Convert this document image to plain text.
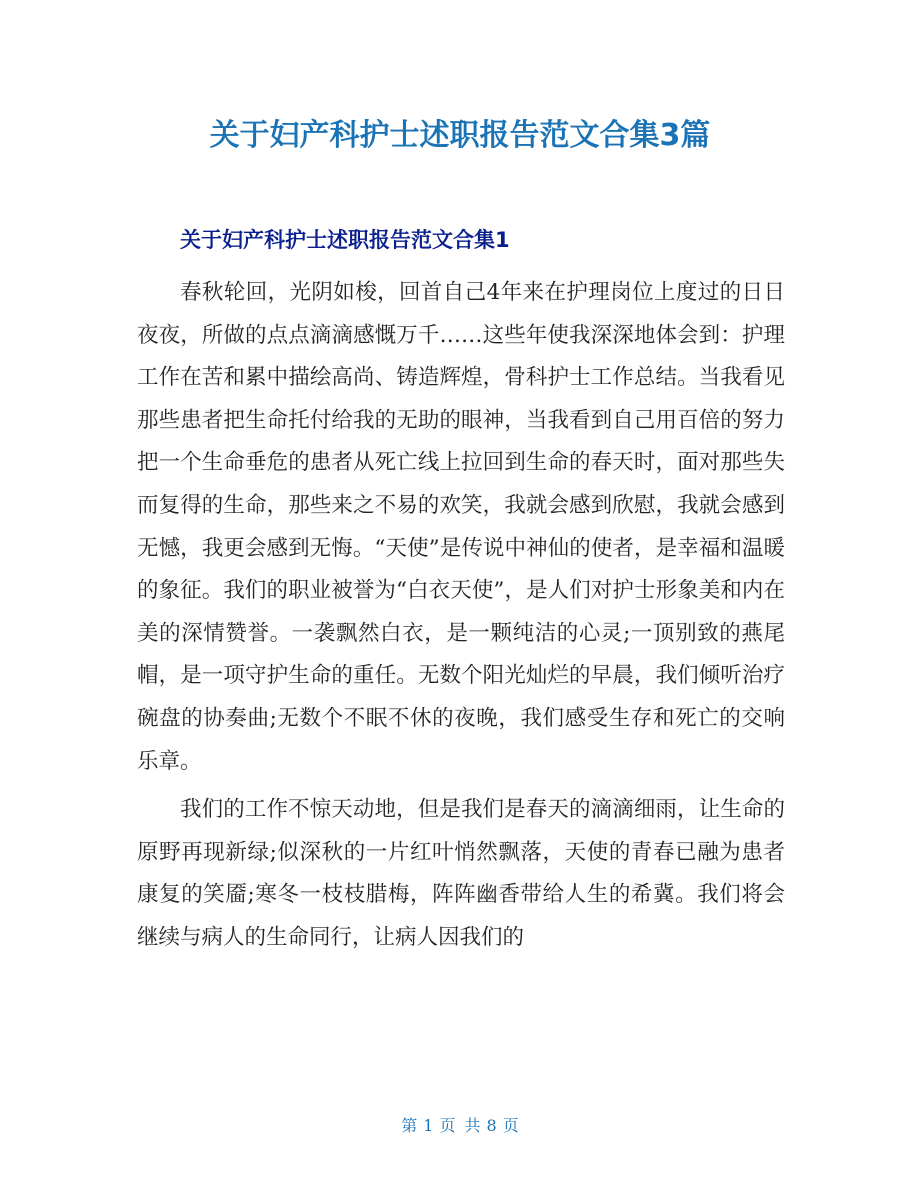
关于妇产科护士述职报告范文合集3篇
关于妇产科护士述职报告范文合集1

春秋轮回，光阴如梭，回首自己4年来在护理岗位上度过的日日夜夜，所做的点点滴滴感慨万千……这些年使我深深地体会到：护理工作在苦和累中描绘高尚、铸造辉煌，骨科护士工作总结。当我看见那些患者把生命托付给我的无助的眼神，当我看到自己用百倍的努力把一个生命垂危的患者从死亡线上拉回到生命的春天时，面对那些失而复得的生命，那些来之不易的欢笑，我就会感到欣慰，我就会感到无憾，我更会感到无悔。“天使”是传说中神仙的使者，是幸福和温暖的象征。我们的职业被誉为“白衣天使”，是人们对护士形象美和内在美的深情赞誉。一袭飘然白衣，是一颗纯洁的心灵;一顶别致的燕尾帽，是一项守护生命的重任。无数个阳光灿烂的早晨，我们倾听治疗碗盘的协奏曲;无数个不眠不休的夜晚，我们感受生存和死亡的交响乐章。

我们的工作不惊天动地，但是我们是春天的滴滴细雨，让生命的原野再现新绿;似深秋的一片红叶悄然飘落，天使的青春已融为患者康复的笑靥;寒冬一枝枝腊梅，阵阵幽香带给人生的希冀。我们将会继续与病人的生命同行，让病人因我们的

第 1 页 共 8 页
